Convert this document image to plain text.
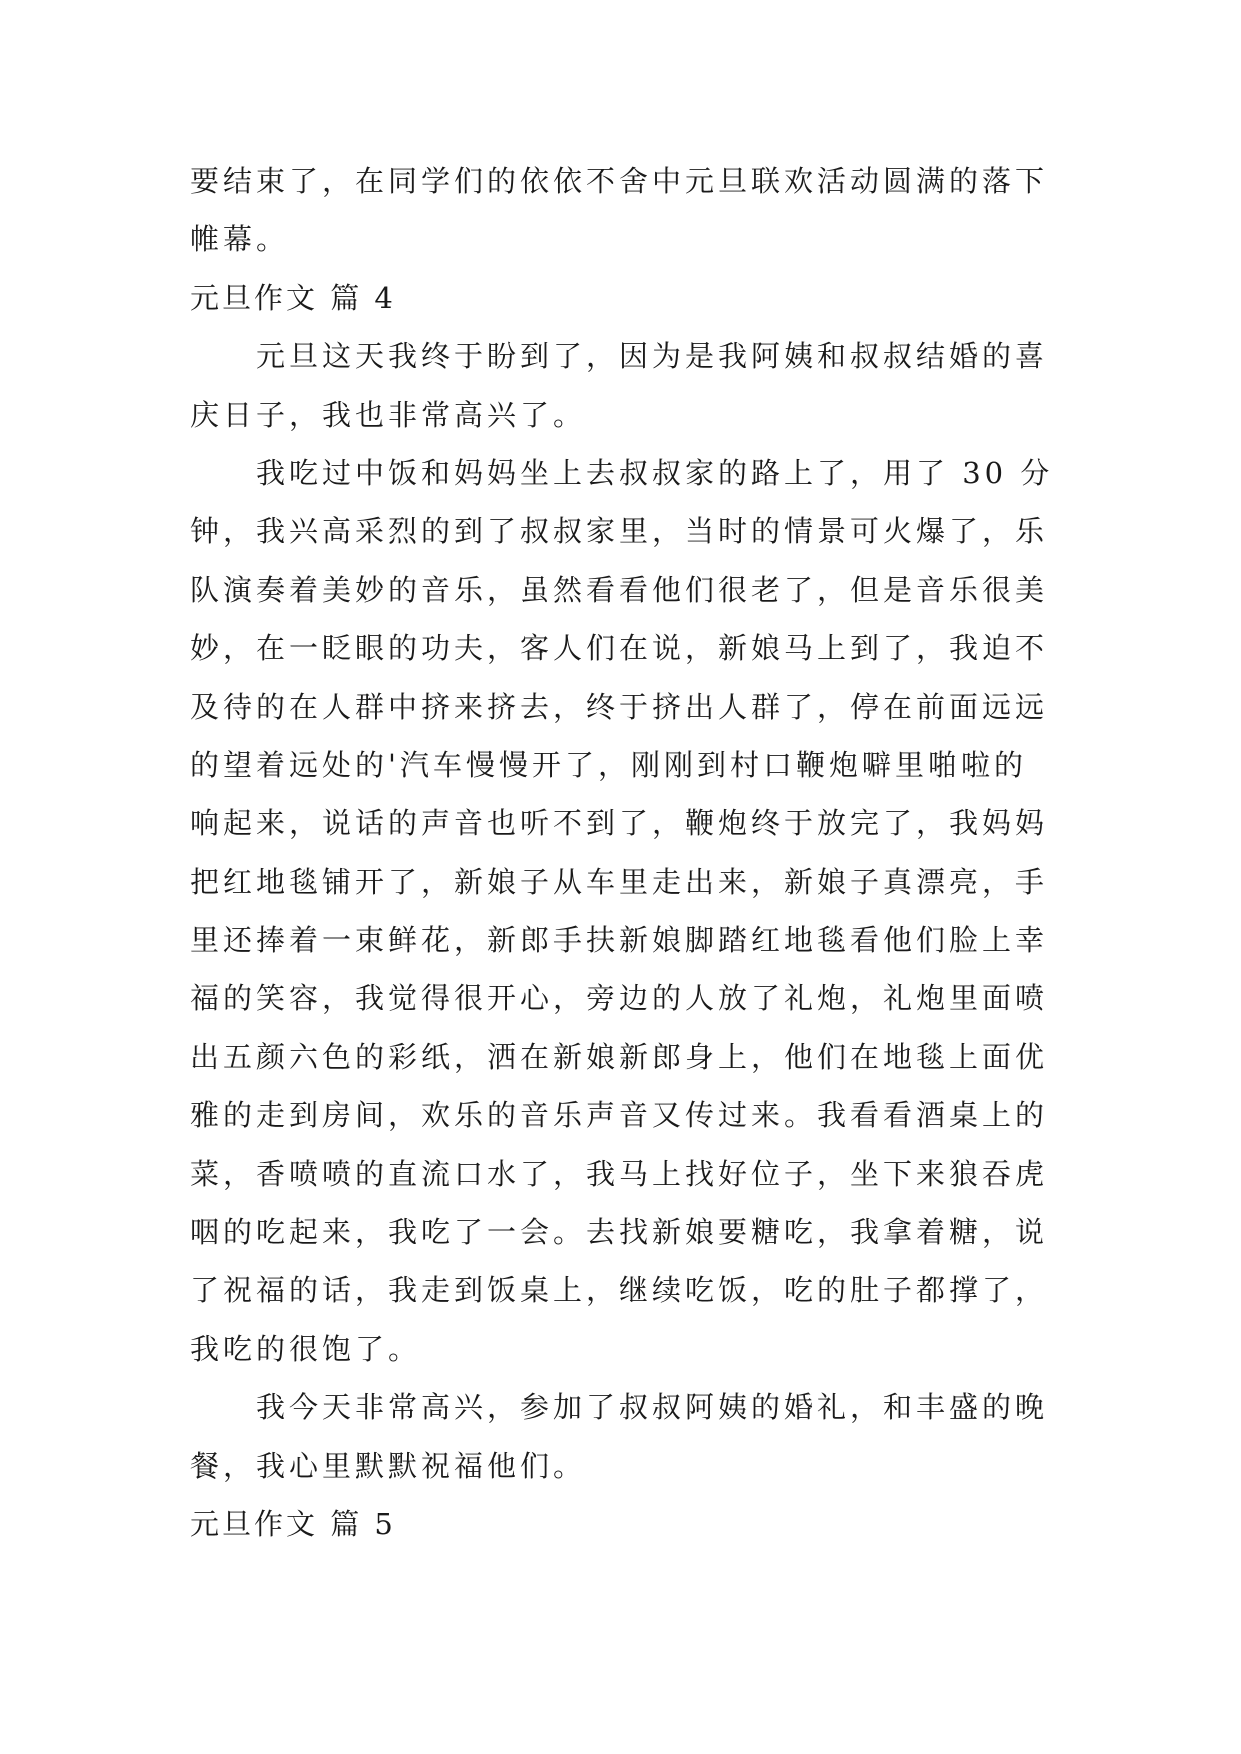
要结束了，在同学们的依依不舍中元旦联欢活动圆满的落下
帷幕。
元旦作文 篇 4
元旦这天我终于盼到了，因为是我阿姨和叔叔结婚的喜
庆日子，我也非常高兴了。
我吃过中饭和妈妈坐上去叔叔家的路上了，用了 30 分
钟，我兴高采烈的到了叔叔家里，当时的情景可火爆了，乐
队演奏着美妙的音乐，虽然看看他们很老了，但是音乐很美
妙，在一眨眼的功夫，客人们在说，新娘马上到了，我迫不
及待的在人群中挤来挤去，终于挤出人群了，停在前面远远
的望着远处的'汽车慢慢开了，刚刚到村口鞭炮噼里啪啦的
响起来，说话的声音也听不到了，鞭炮终于放完了，我妈妈
把红地毯铺开了，新娘子从车里走出来，新娘子真漂亮，手
里还捧着一束鲜花，新郎手扶新娘脚踏红地毯看他们脸上幸
福的笑容，我觉得很开心，旁边的人放了礼炮，礼炮里面喷
出五颜六色的彩纸，洒在新娘新郎身上，他们在地毯上面优
雅的走到房间，欢乐的音乐声音又传过来。我看看酒桌上的
菜，香喷喷的直流口水了，我马上找好位子，坐下来狼吞虎
咽的吃起来，我吃了一会。去找新娘要糖吃，我拿着糖，说
了祝福的话，我走到饭桌上，继续吃饭，吃的肚子都撑了，
我吃的很饱了。
我今天非常高兴，参加了叔叔阿姨的婚礼，和丰盛的晚
餐，我心里默默祝福他们。
元旦作文 篇 5
